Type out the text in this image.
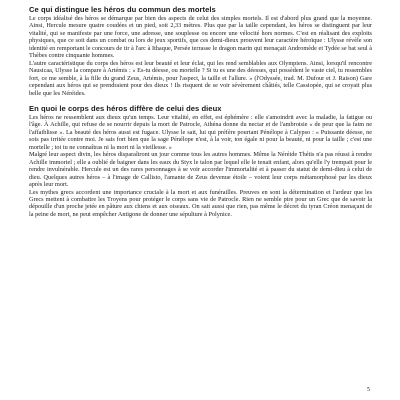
Ce qui distingue les héros du commun des mortels

Le corps idéalisé des héros se démarque par bien des aspects de celui des simples mortels. Il est d'abord plus grand que la moyenne. Ainsi, Hercule mesure quatre coudées et un pied, soit 2,33 mètres. Plus que par la taille cependant, les héros se distinguent par leur vitalité, qui se manifeste par une force, une adresse, une souplesse ou encore une vélocité hors normes. C'est en réalisant des exploits physiques, que ce soit dans un combat ou lors de jeux sportifs, que ces demi-dieux prouvent leur caractère héroïque : Ulysse révèle son identité en remportant le concours de tir à l'arc à Ithaque, Persée terrasse le dragon marin qui menaçait Andromède et Tydée se bat seul à Thèbes contre cinquante hommes.

L'autre caractéristique du corps des héros est leur beauté et leur éclat, qui les rend semblables aux Olympiens. Ainsi, lorsqu'il rencontre Nausicaa, Ulysse la compare à Artémis : « Es-tu déesse, ou mortelle ? Si tu es une des déesses, qui possèdent le vaste ciel, tu ressembles fort, ce me semble, à la fille du grand Zeus, Artémis, pour l'aspect, la taille et l'allure. » (l'Odyssée, trad. M. Dufour et J. Raison) Gare cependant aux héros qui se prendraient pour des dieux ! Ils risquent de se voir sévèrement châtiés, telle Cassiopée, qui se croyait plus belle que les Néréides.

En quoi le corps des héros diffère de celui des dieux

Les héros ne ressemblent aux dieux qu'un temps. Leur vitalité, en effet, est éphémère : elle s'amoindrit avec la maladie, la fatigue ou l'âge. À Achille, qui refuse de se nourrir depuis la mort de Patrocle, Athéna donne du nectar et de l'ambroisie « de peur que la faim ne l'affaiblisse ». La beauté des héros aussi est fugace. Ulysse le sait, lui qui préfère pourtant Pénélope à Calypso : « Puissante déesse, ne sois pas irritée contre moi. Je sais fort bien que la sage Pénélope n'est, à la voir, ton égale ni pour la beauté, ni pour la taille ; c'est une mortelle ; toi tu ne connaîtras ni la mort ni la vieillesse. »

Malgré leur aspect divin, les héros disparaîtront un jour comme tous les autres hommes. Même la Néréide Thétis n'a pas réussi à rendre Achille immortel ; elle a oublié de baigner dans les eaux du Styx le talon par lequel elle le tenait enfant, alors qu'elle l'y trempait pour le rendre invulnérable. Hercule est un des rares personnages à se voir accorder l'immortalité et à passer du statut de demi-dieu à celui de dieu. Quelques autres héros – à l'image de Callisto, l'amante de Zeus devenue étoile – voient leur corps métamorphosé par les dieux après leur mort.

Les mythes grecs accordent une importance cruciale à la mort et aux funérailles. Preuves en sont la détermination et l'ardeur que les Grecs mettent à combattre les Troyens pour protéger le corps sans vie de Patrocle. Rien ne semble pire pour un Grec que de savoir la dépouille d'un proche jetée en pâture aux chiens et aux oiseaux. On sait aussi que rien, pas même le décret du tyran Créon menaçant de la peine de mort, ne peut empêcher Antigone de donner une sépulture à Polynice.

5
